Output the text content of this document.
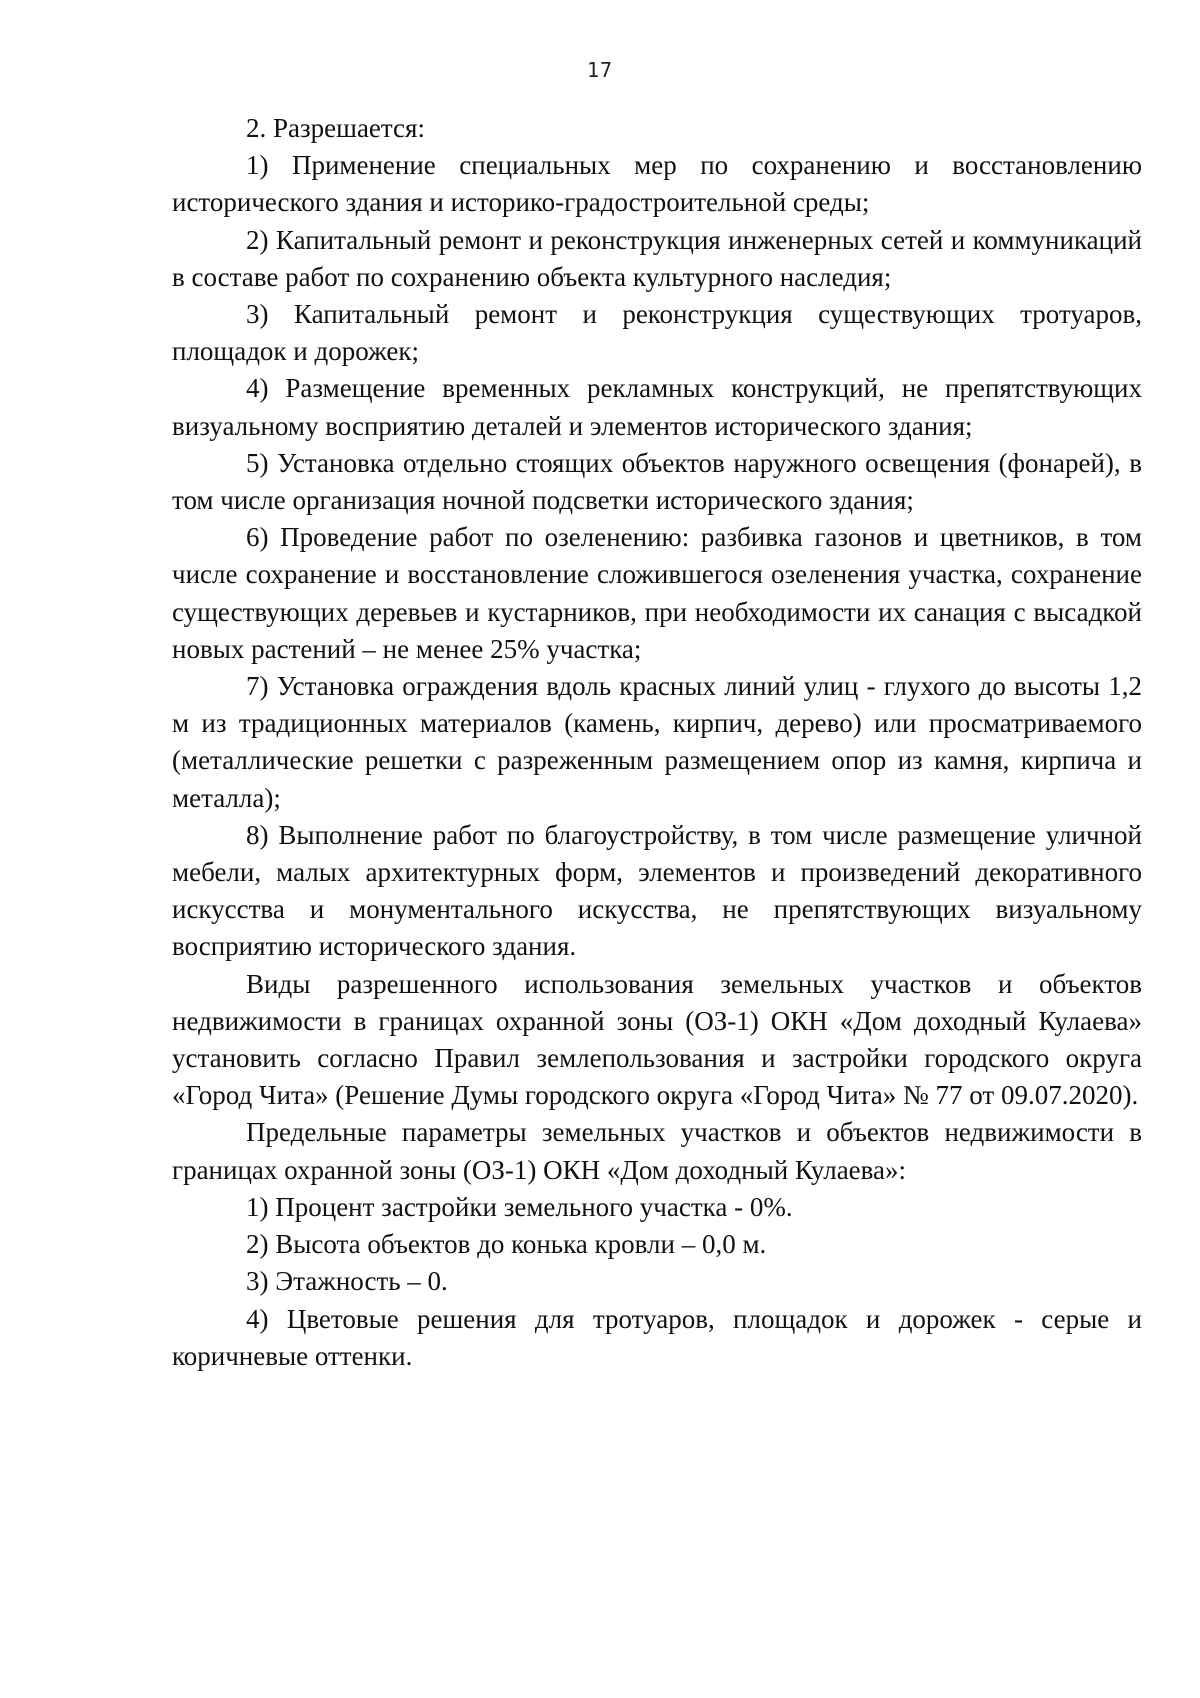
17

2. Разрешается:

1) Применение специальных мер по сохранению и восстановлению исторического здания и историко-градостроительной среды;

2) Капитальный ремонт и реконструкция инженерных сетей и коммуникаций в составе работ по сохранению объекта культурного наследия;

3) Капитальный ремонт и реконструкция существующих тротуаров, площадок и дорожек;

4) Размещение временных рекламных конструкций, не препятствующих визуальному восприятию деталей и элементов исторического здания;

5) Установка отдельно стоящих объектов наружного освещения (фонарей), в том числе организация ночной подсветки исторического здания;

6) Проведение работ по озеленению: разбивка газонов и цветников, в том числе сохранение и восстановление сложившегося озеленения участка, сохранение существующих деревьев и кустарников, при необходимости их санация с высадкой новых растений – не менее 25% участка;

7) Установка ограждения вдоль красных линий улиц - глухого до высоты 1,2 м из традиционных материалов (камень, кирпич, дерево) или просматриваемого (металлические решетки с разреженным размещением опор из камня, кирпича и металла);

8) Выполнение работ по благоустройству, в том числе размещение уличной мебели, малых архитектурных форм, элементов и произведений декоративного искусства и монументального искусства, не препятствующих визуальному восприятию исторического здания.

Виды разрешенного использования земельных участков и объектов недвижимости в границах охранной зоны (ОЗ-1) ОКН «Дом доходный Кулаева» установить согласно Правил землепользования и застройки городского округа «Город Чита» (Решение Думы городского округа «Город Чита» № 77 от 09.07.2020).

Предельные параметры земельных участков и объектов недвижимости в границах охранной зоны (ОЗ-1) ОКН «Дом доходный Кулаева»:

1) Процент застройки земельного участка - 0%.

2) Высота объектов до конька кровли – 0,0 м.

3) Этажность – 0.

4) Цветовые решения для тротуаров, площадок и дорожек - серые и коричневые оттенки.
